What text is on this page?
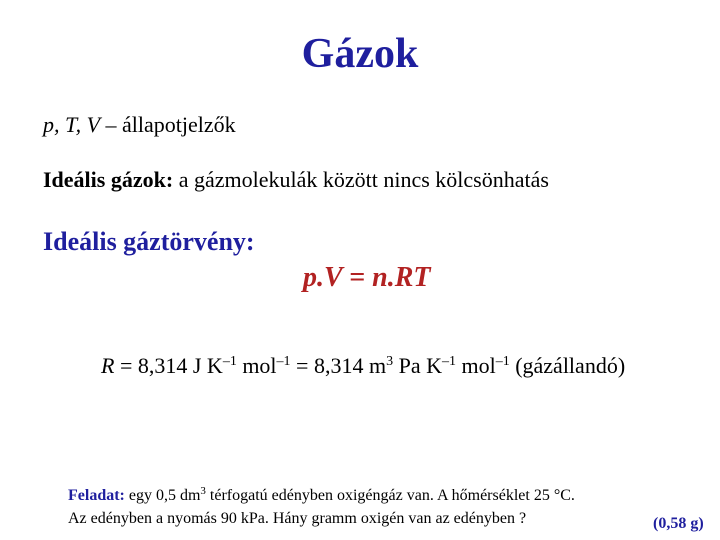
Gázok
p, T, V – állapotjelzők
Ideális gázok: a gázmolekulák között nincs kölcsönhatás
Ideális gáztörvény:
p.V = n.RT
R = 8,314 J $K^{-1}$ mol$^{-1}$ = 8,314 $m^3$ Pa $K^{-1}$ mol$^{-1}$ (gázállandó)
Feladat: egy 0,5 $dm^3$ térfogatú edényben oxigéngáz van. A hőmérséklet 25 °C.
Az edényben a nyomás 90 kPa. Hány gramm oxigén van az edényben ?	(0,58 g)
